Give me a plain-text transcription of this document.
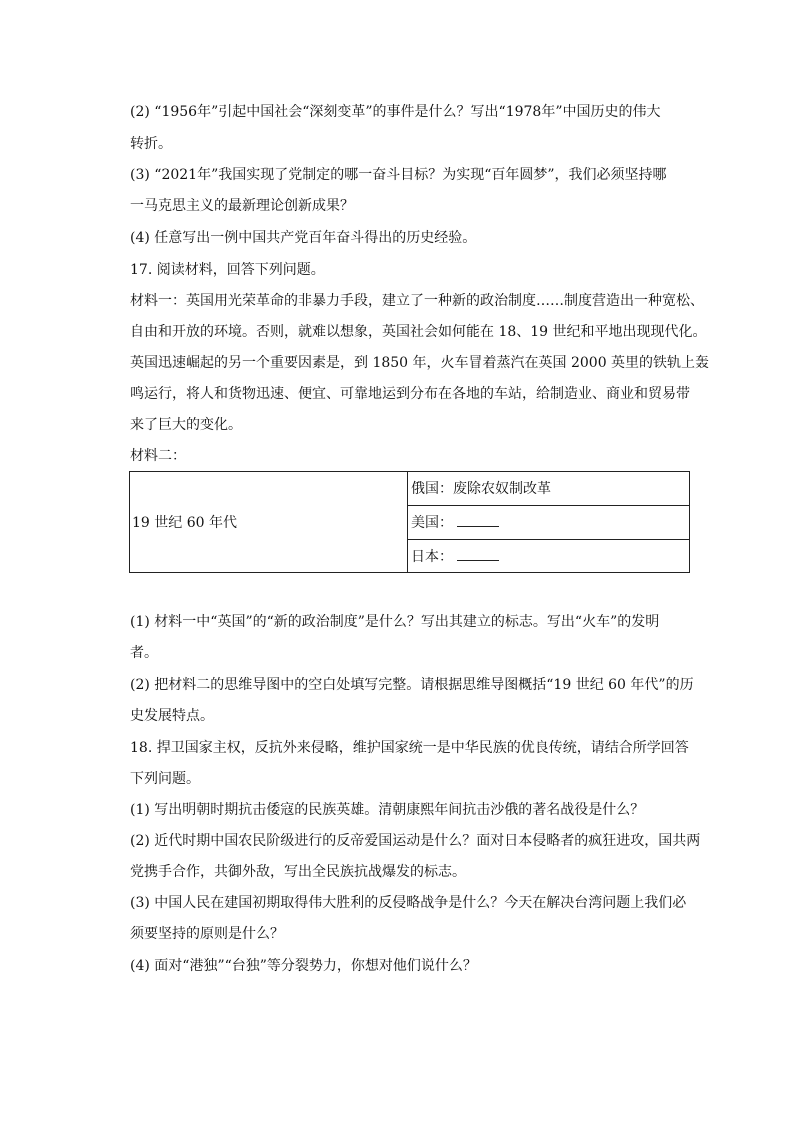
(2) “1956年”引起中国社会“深刻变革”的事件是什么？写出“1978年”中国历史的伟大
转折。
(3) “2021年”我国实现了党制定的哪一奋斗目标？为实现“百年圆梦”，我们必须坚持哪
一马克思主义的最新理论创新成果？
(4) 任意写出一例中国共产党百年奋斗得出的历史经验。
17. 阅读材料，回答下列问题。
材料一：英国用光荣革命的非暴力手段，建立了一种新的政治制度……制度营造出一种宽松、
自由和开放的环境。否则，就难以想象，英国社会如何能在 18、19 世纪和平地出现现代化。
英国迅速崛起的另一个重要因素是，到 1850 年，火车冒着蒸汽在英国 2000 英里的铁轨上轰
鸣运行，将人和货物迅速、便宜、可靠地运到分布在各地的车站，给制造业、商业和贸易带
来了巨大的变化。
材料二：
19 世纪 60 年代
俄国：废除农奴制改革
美国：
日本：
(1) 材料一中“英国”的“新的政治制度”是什么？写出其建立的标志。写出“火车”的发明
者。
(2) 把材料二的思维导图中的空白处填写完整。请根据思维导图概括“19 世纪 60 年代”的历
史发展特点。
18. 捍卫国家主权，反抗外来侵略，维护国家统一是中华民族的优良传统，请结合所学回答
下列问题。
(1) 写出明朝时期抗击倭寇的民族英雄。清朝康熙年间抗击沙俄的著名战役是什么？
(2) 近代时期中国农民阶级进行的反帝爱国运动是什么？面对日本侵略者的疯狂进攻，国共两
党携手合作，共御外敌，写出全民族抗战爆发的标志。
(3) 中国人民在建国初期取得伟大胜利的反侵略战争是什么？今天在解决台湾问题上我们必
须要坚持的原则是什么？
(4) 面对“港独”“台独”等分裂势力，你想对他们说什么？
